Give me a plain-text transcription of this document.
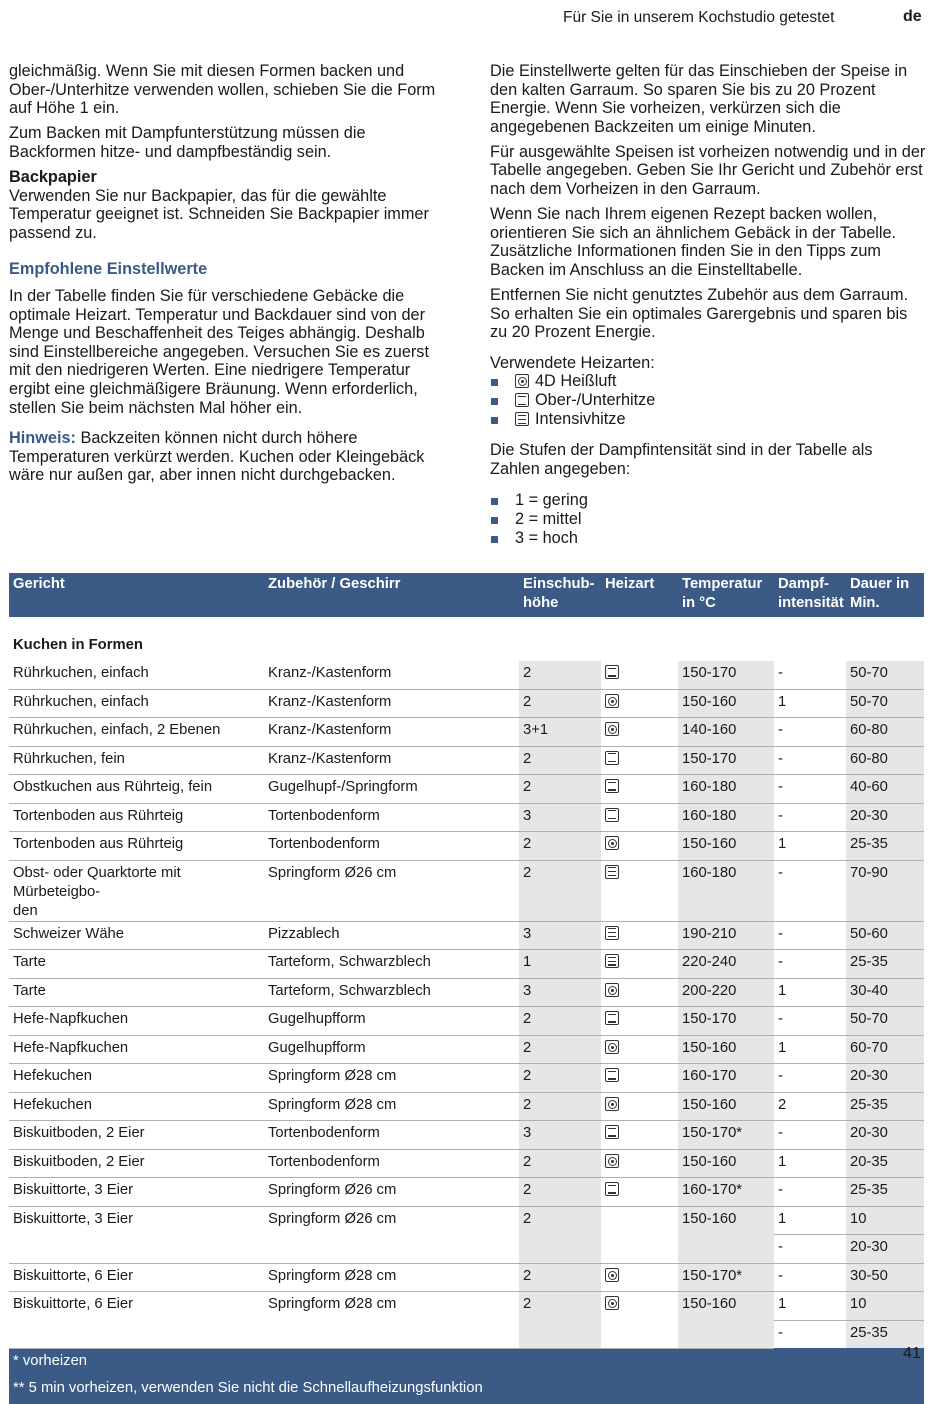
Für Sie in unserem Kochstudio getestet	de

gleichmäßig. Wenn Sie mit diesen Formen backen und Ober-/Unterhitze verwenden wollen, schieben Sie die Form auf Höhe 1 ein.

Zum Backen mit Dampfunterstützung müssen die Backformen hitze- und dampfbeständig sein.

Backpapier

Verwenden Sie nur Backpapier, das für die gewählte Temperatur geeignet ist. Schneiden Sie Backpapier immer passend zu.

Empfohlene Einstellwerte

In der Tabelle finden Sie für verschiedene Gebäcke die optimale Heizart. Temperatur und Backdauer sind von der Menge und Beschaffenheit des Teiges abhängig. Deshalb sind Einstellbereiche angegeben. Versuchen Sie es zuerst mit den niedrigeren Werten. Eine niedrigere Temperatur ergibt eine gleichmäßigere Bräunung. Wenn erforderlich, stellen Sie beim nächsten Mal höher ein.

Hinweis: Backzeiten können nicht durch höhere Temperaturen verkürzt werden. Kuchen oder Kleingebäck wäre nur außen gar, aber innen nicht durchgebacken.

Die Einstellwerte gelten für das Einschieben der Speise in den kalten Garraum. So sparen Sie bis zu 20 Prozent Energie. Wenn Sie vorheizen, verkürzen sich die angegebenen Backzeiten um einige Minuten.

Für ausgewählte Speisen ist vorheizen notwendig und in der Tabelle angegeben. Geben Sie Ihr Gericht und Zubehör erst nach dem Vorheizen in den Garraum.

Wenn Sie nach Ihrem eigenen Rezept backen wollen, orientieren Sie sich an ähnlichem Gebäck in der Tabelle. Zusätzliche Informationen finden Sie in den Tipps zum Backen im Anschluss an die Einstelltabelle.

Entfernen Sie nicht genutztes Zubehör aus dem Garraum. So erhalten Sie ein optimales Garergebnis und sparen bis zu 20 Prozent Energie.

Verwendete Heizarten:

4D Heißluft
Ober-/Unterhitze
Intensivhitze

Die Stufen der Dampfintensität sind in der Tabelle als Zahlen angegeben:

1 = gering
2 = mittel
3 = hoch
Gericht	Zubehör / Geschirr	Einschub-
höhe	Heizart	Temperatur
in °C	Dampf-
intensität	Dauer in
Min.
Kuchen in Formen						
Rührkuchen, einfach	Kranz-/Kastenform	2		150-170	-	50-70
Rührkuchen, einfach	Kranz-/Kastenform	2		150-160	1	50-70
Rührkuchen, einfach, 2 Ebenen	Kranz-/Kastenform	3+1		140-160	-	60-80
Rührkuchen, fein	Kranz-/Kastenform	2		150-170	-	60-80
Obstkuchen aus Rührteig, fein	Gugelhupf-/Springform	2		160-180	-	40-60
Tortenboden aus Rührteig	Tortenbodenform	3		160-180	-	20-30
Tortenboden aus Rührteig	Tortenbodenform	2		150-160	1	25-35
Obst- oder Quarktorte mit Mürbeteigbo-
den	Springform Ø26 cm	2		160-180	-	70-90
Schweizer Wähe	Pizzablech	3		190-210	-	50-60
Tarte	Tarteform, Schwarzblech	1		220-240	-	25-35
Tarte	Tarteform, Schwarzblech	3		200-220	1	30-40
Hefe-Napfkuchen	Gugelhupfform	2		150-170	-	50-70
Hefe-Napfkuchen	Gugelhupfform	2		150-160	1	60-70
Hefekuchen	Springform Ø28 cm	2		160-170	-	20-30
Hefekuchen	Springform Ø28 cm	2		150-160	2	25-35
Biskuitboden, 2 Eier	Tortenbodenform	3		150-170*	-	20-30
Biskuitboden, 2 Eier	Tortenbodenform	2		150-160	1	20-35
Biskuittorte, 3 Eier	Springform Ø26 cm	2		160-170*	-	25-35
Biskuittorte, 3 Eier	Springform Ø26 cm	2		150-160	1	10
					-	20-30
Biskuittorte, 6 Eier	Springform Ø28 cm	2		150-170*	-	30-50
Biskuittorte, 6 Eier	Springform Ø28 cm	2		150-160	1	10
					-	25-35
* vorheizen						
** 5 min vorheizen, verwenden Sie nicht die Schnellaufheizungsfunktion						
41
